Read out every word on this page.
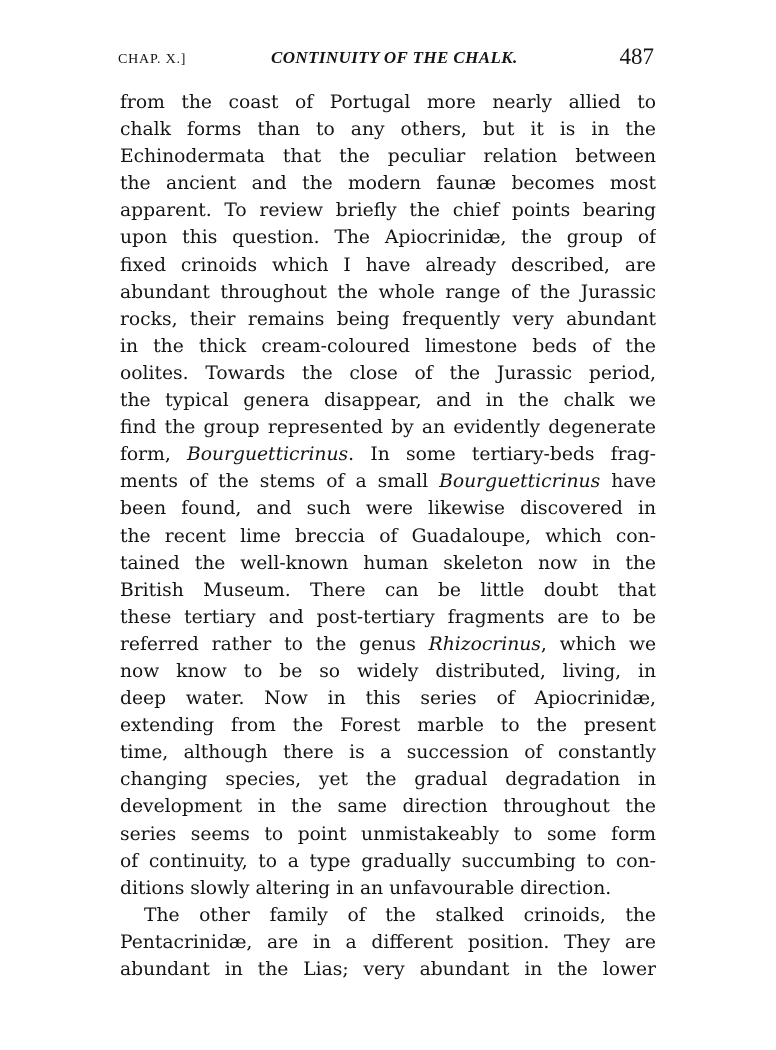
CHAP. X.]	CONTINUITY OF THE CHALK.	487
from the coast of Portugal more nearly allied to
chalk forms than to any others, but it is in the
Echinodermata that the peculiar relation between
the ancient and the modern faunæ becomes most
apparent. To review briefly the chief points bearing
upon this question. The Apiocrinidæ, the group of
fixed crinoids which I have already described, are
abundant throughout the whole range of the Jurassic
rocks, their remains being frequently very abundant
in the thick cream-coloured limestone beds of the
oolites. Towards the close of the Jurassic period,
the typical genera disappear, and in the chalk we
find the group represented by an evidently degenerate
form, Bourguetticrinus. In some tertiary-beds frag-
ments of the stems of a small Bourguetticrinus have
been found, and such were likewise discovered in
the recent lime breccia of Guadaloupe, which con-
tained the well-known human skeleton now in the
British Museum. There can be little doubt that
these tertiary and post-tertiary fragments are to be
referred rather to the genus Rhizocrinus, which we
now know to be so widely distributed, living, in
deep water. Now in this series of Apiocrinidæ,
extending from the Forest marble to the present
time, although there is a succession of constantly
changing species, yet the gradual degradation in
development in the same direction throughout the
series seems to point unmistakeably to some form
of continuity, to a type gradually succumbing to con-
ditions slowly altering in an unfavourable direction.
The other family of the stalked crinoids, the
Pentacrinidæ, are in a different position. They are
abundant in the Lias; very abundant in the lower
